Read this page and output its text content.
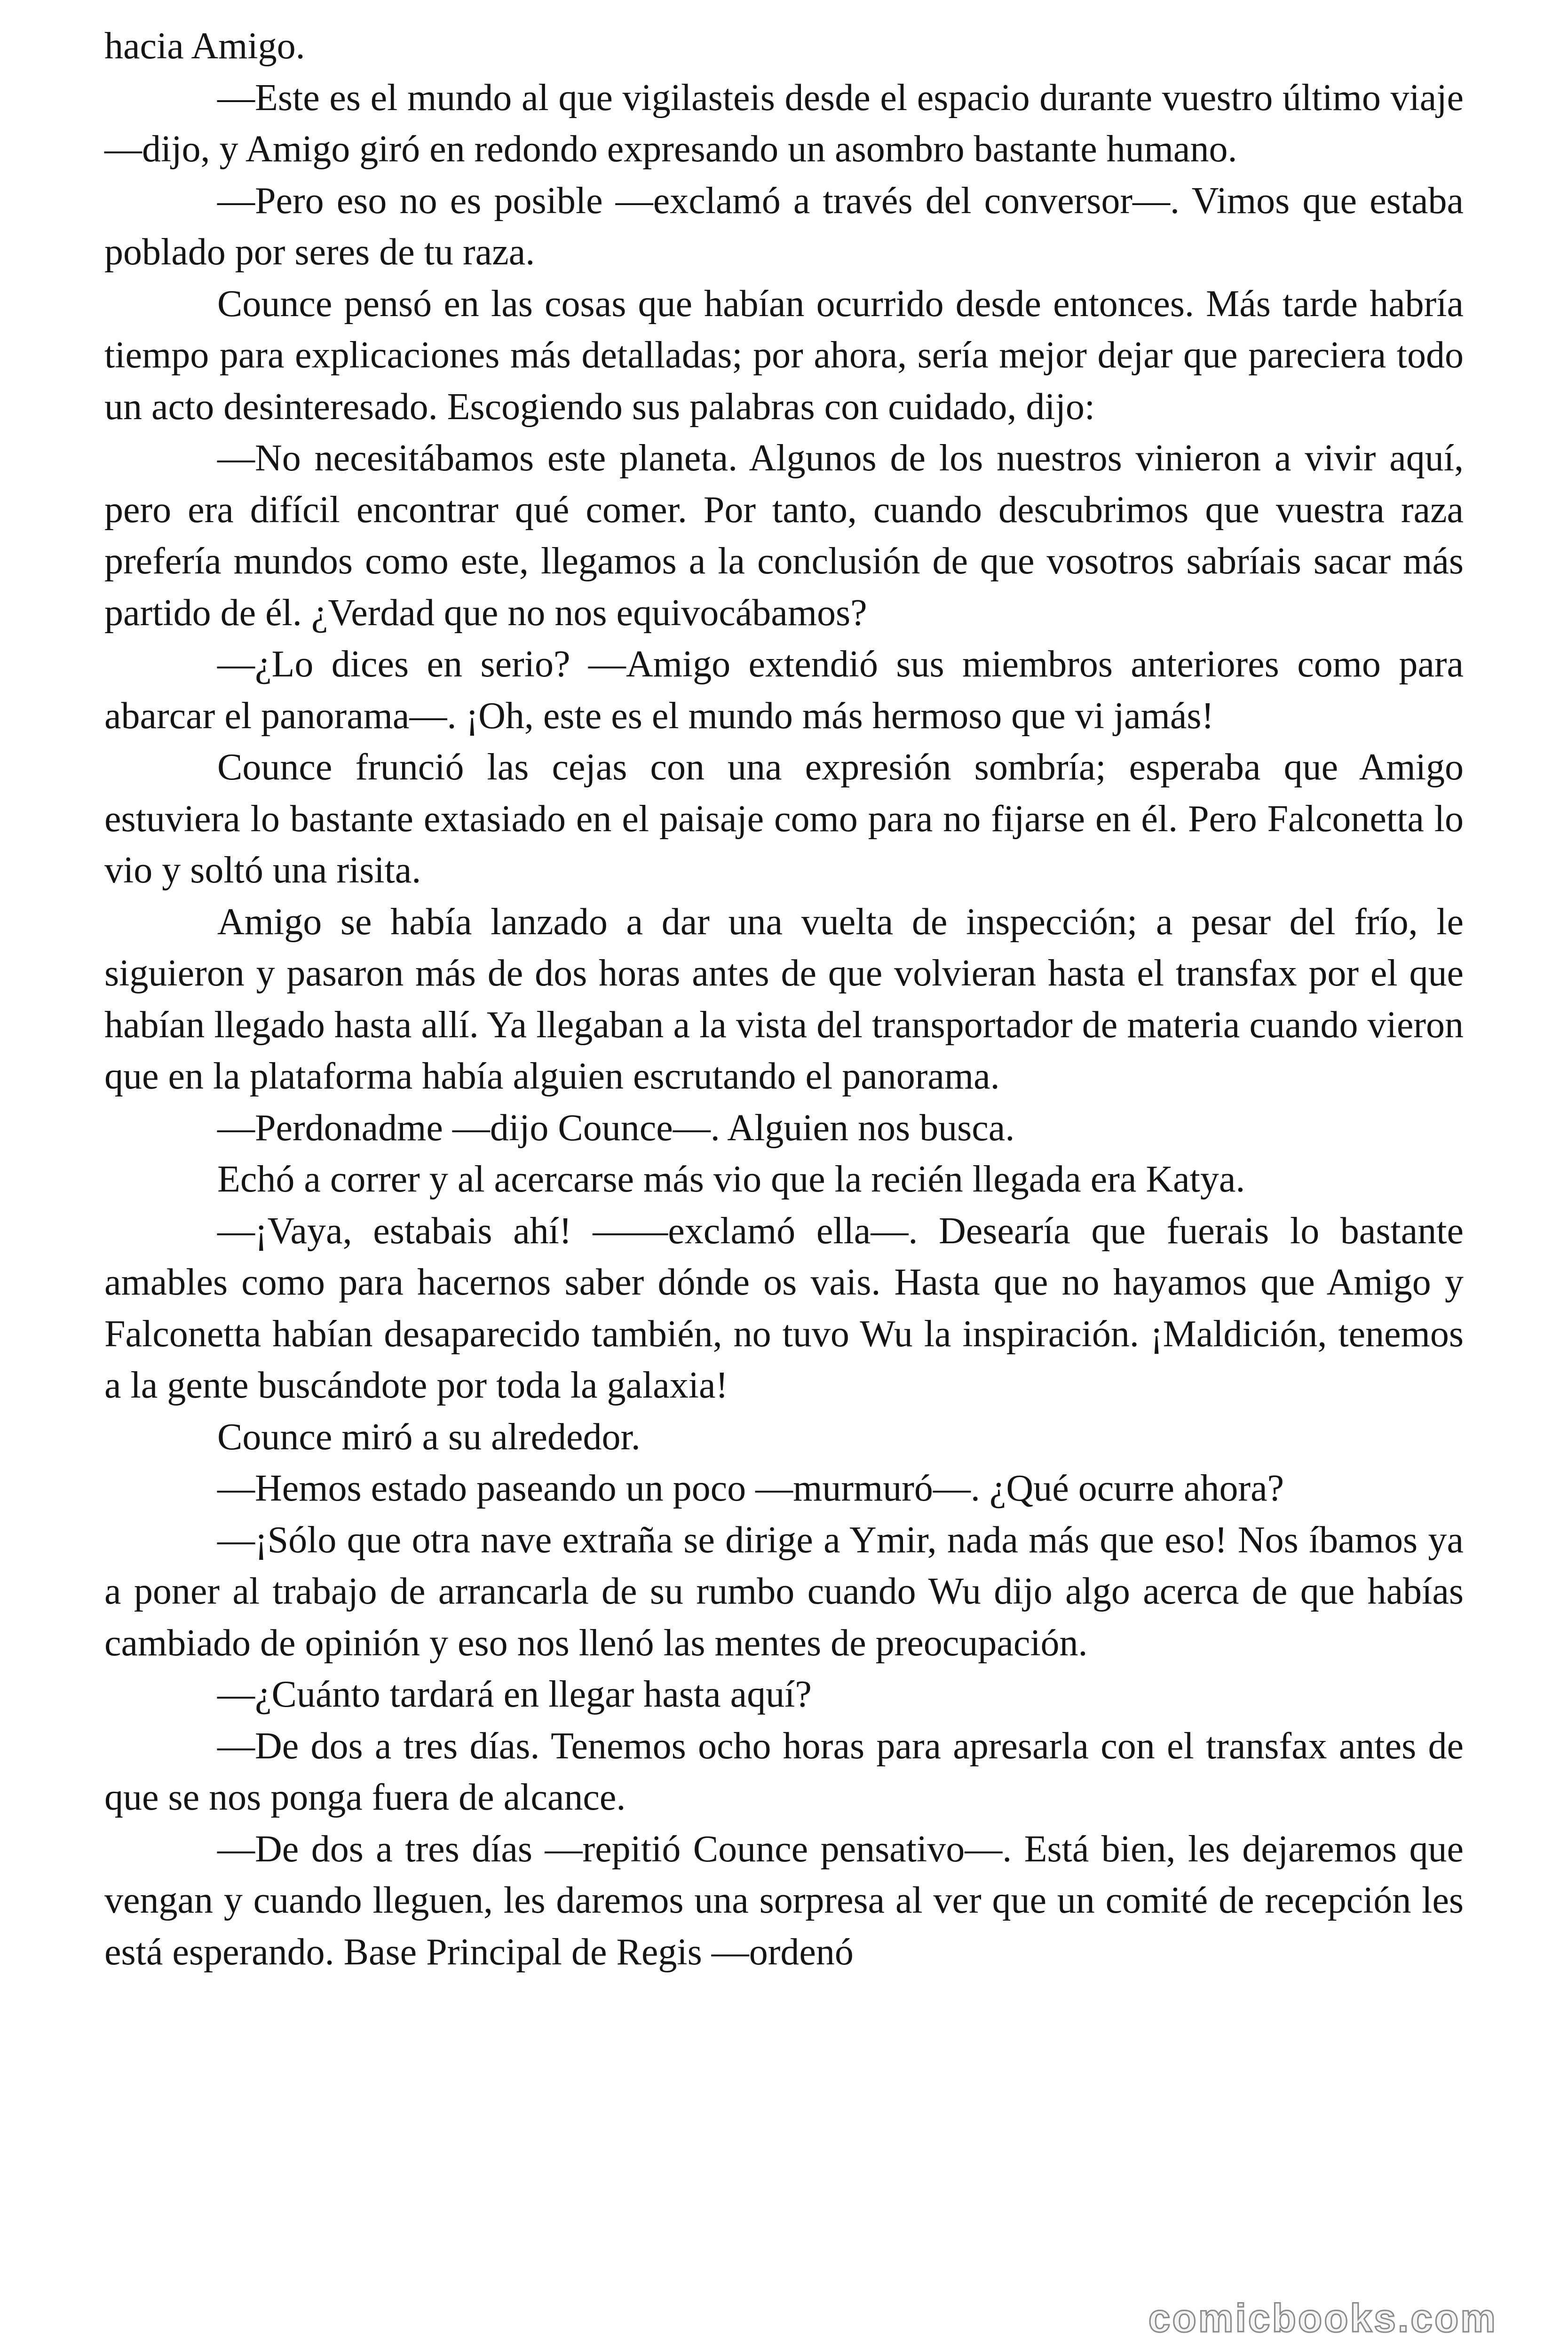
hacia Amigo.

—Este es el mundo al que vigilasteis desde el espacio durante vuestro último viaje —dijo, y Amigo giró en redondo expresando un asombro bastante humano.

—Pero eso no es posible —exclamó a través del conversor—. Vimos que estaba poblado por seres de tu raza.

Counce pensó en las cosas que habían ocurrido desde entonces. Más tarde habría tiempo para explicaciones más detalladas; por ahora, sería mejor dejar que pareciera todo un acto desinteresado. Escogiendo sus palabras con cuidado, dijo:

—No necesitábamos este planeta. Algunos de los nuestros vinieron a vivir aquí, pero era difícil encontrar qué comer. Por tanto, cuando descubrimos que vuestra raza prefería mundos como este, llegamos a la conclusión de que vosotros sabríais sacar más partido de él. ¿Verdad que no nos equivocábamos?

—¿Lo dices en serio? —Amigo extendió sus miembros anteriores como para abarcar el panorama—. ¡Oh, este es el mundo más hermoso que vi jamás!

Counce frunció las cejas con una expresión sombría; esperaba que Amigo estuviera lo bastante extasiado en el paisaje como para no fijarse en él. Pero Falconetta lo vio y soltó una risita.

Amigo se había lanzado a dar una vuelta de inspección; a pesar del frío, le siguieron y pasaron más de dos horas antes de que volvieran hasta el transfax por el que habían llegado hasta allí. Ya llegaban a la vista del transportador de materia cuando vieron que en la plataforma había alguien escrutando el panorama.

—Perdonadme —dijo Counce—. Alguien nos busca.

Echó a correr y al acercarse más vio que la recién llegada era Katya.

—¡Vaya, estabais ahí! ——exclamó ella—. Desearía que fuerais lo bastante amables como para hacernos saber dónde os vais. Hasta que no hayamos que Amigo y Falconetta habían desaparecido también, no tuvo Wu la inspiración. ¡Maldición, tenemos a la gente buscándote por toda la galaxia!

Counce miró a su alrededor.

—Hemos estado paseando un poco —murmuró—. ¿Qué ocurre ahora?

—¡Sólo que otra nave extraña se dirige a Ymir, nada más que eso! Nos íbamos ya a poner al trabajo de arrancarla de su rumbo cuando Wu dijo algo acerca de que habías cambiado de opinión y eso nos llenó las mentes de preocupación.

—¿Cuánto tardará en llegar hasta aquí?

—De dos a tres días. Tenemos ocho horas para apresarla con el transfax antes de que se nos ponga fuera de alcance.

—De dos a tres días —repitió Counce pensativo—. Está bien, les dejaremos que vengan y cuando lleguen, les daremos una sorpresa al ver que un comité de recepción les está esperando. Base Principal de Regis —ordenó

comicbooks.com
